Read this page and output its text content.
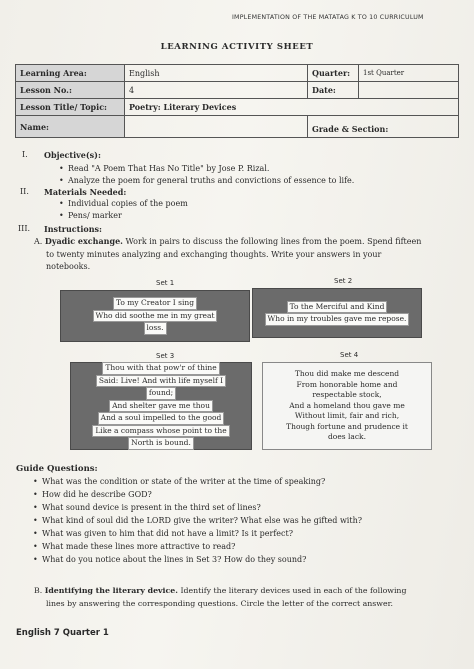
IMPLEMENTATION OF THE MATATAG K TO 10 CURRICULUM
LEARNING ACTIVITY SHEET
Learning Area:	English	Quarter:	1st Quarter
Lesson No.:	4	Date:	
Lesson Title/ Topic:	Poetry: Literary Devices		
Name:		Grade & Section:	
I. Objective(s):
• Read "A Poem That Has No Title" by Jose P. Rizal.
• Analyze the poem for general truths and convictions of essence to life.
II. Materials Needed:
• Individual copies of the poem
• Pens/ marker
III. Instructions:
A. Dyadic exchange. Work in pairs to discuss the following lines from the poem. Spend fifteen
to twenty minutes analyzing and exchanging thoughts. Write your answers in your
notebooks.
Set 1	Set 2
Set 3	Set 4
To my Creator I sing
Who did soothe me in my great
loss.
To the Merciful and Kind
Who in my troubles gave me repose.
Thou with that pow'r of thine
Said: Live! And with life myself I
found;
And shelter gave me thou
And a soul impelled to the good
Like a compass whose point to the
North is bound.
Thou did make me descend
From honorable home and
respectable stock,
And a homeland thou gave me
Without limit, fair and rich,
Though fortune and prudence it
does lack.
Guide Questions:
• What was the condition or state of the writer at the time of speaking?
• How did he describe GOD?
• What sound device is present in the third set of lines?
• What kind of soul did the LORD give the writer? What else was he gifted with?
• What was given to him that did not have a limit? Is it perfect?
• What made these lines more attractive to read?
• What do you notice about the lines in Set 3? How do they sound?
B. Identifying the literary device. Identify the literary devices used in each of the following
lines by answering the corresponding questions. Circle the letter of the correct answer.
English 7 Quarter 1
